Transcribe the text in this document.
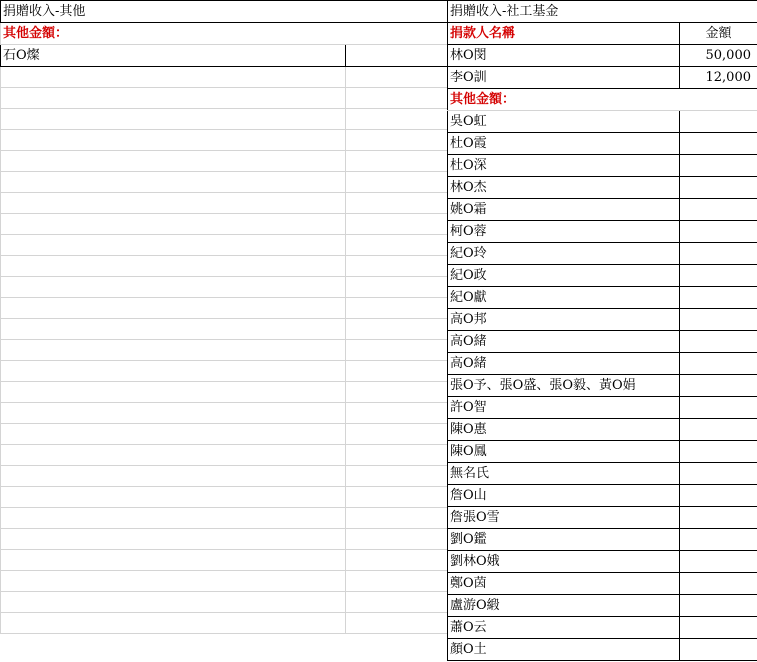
捐贈收入-其他	
其他金額：	
石O燦	

捐贈收入-社工基金	
捐款人名稱	金額
林O閔	50,000
李O訓	12,000
其他金額：	
吳O虹	
杜O霞	
杜O深	
林O杰	
姚O霜	
柯O蓉	
紀O玲	
紀O政	
紀O獻	
高O邦	
高O緒	
高O緒	
張O予、張O盛、張O毅、黃O娟	
許O智	
陳O惠	
陳O鳳	
無名氏	
詹O山	
詹張O雪	
劉O鑑	
劉林O娥	
鄭O茵	
盧游O緞	
蕭O云	
顏O土	
